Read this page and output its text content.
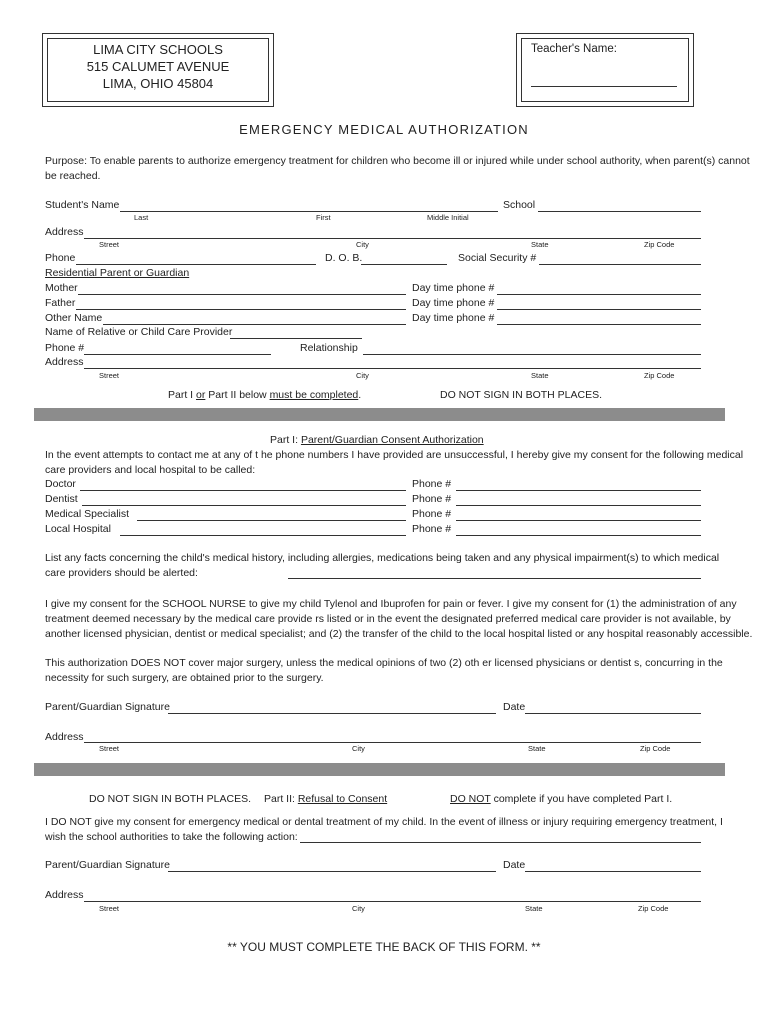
LIMA CITY SCHOOLS
515 CALUMET AVENUE
LIMA, OHIO 45804
Teacher's Name:
EMERGENCY MEDICAL AUTHORIZATION
Purpose: To enable parents to authorize emergency treatment for children who become ill or injured while under school authority, when parent(s) cannot be reached.
Student's Name	School
Last	First	Middle Initial
Address
Street	City	State	Zip Code
Phone	D. O. B.	Social Security #
Residential Parent or Guardian
Mother	Day time phone #
Father	Day time phone #
Other Name	Day time phone #
Name of Relative or Child Care Provider
Phone #	Relationship
Address
Street	City	State	Zip Code
Part I or Part II below must be completed.	DO NOT SIGN IN BOTH PLACES.
Part I: Parent/Guardian Consent Authorization
In the event attempts to contact me at any of t he phone numbers I have provided are unsuccessful, I hereby give my consent for the following medical care providers and local hospital to be called:
Doctor	Phone #
Dentist	Phone #
Medical Specialist	Phone #
Local Hospital	Phone #
List any facts concerning the child's medical history, including allergies, medications being taken and any physical impairment(s) to which medical care providers should be alerted:
I give my consent for the SCHOOL NURSE to give my child Tylenol and Ibuprofen for pain or fever. I give my consent for (1) the administration of any treatment deemed necessary by the medical care provide rs listed or in the event the designated preferred medical care provider is not available, by another licensed physician, dentist or medical specialist; and (2) the transfer of the child to the local hospital listed or any hospital reasonably accessible.
This authorization DOES NOT cover major surgery, unless the medical opinions of two (2) oth er licensed physicians or dentist s, concurring in the necessity for such surgery, are obtained prior to the surgery.
Parent/Guardian Signature	Date
Address
Street	City	State	Zip Code
DO NOT SIGN IN BOTH PLACES. Part II: Refusal to Consent	DO NOT complete if you have completed Part I.
I DO NOT give my consent for emergency medical or dental treatment of my child. In the event of illness or injury requiring emergency treatment, I wish the school authorities to take the following action:
Parent/Guardian Signature	Date
Address
Street	City	State	Zip Code
** YOU MUST COMPLETE THE BACK OF THIS FORM. **
